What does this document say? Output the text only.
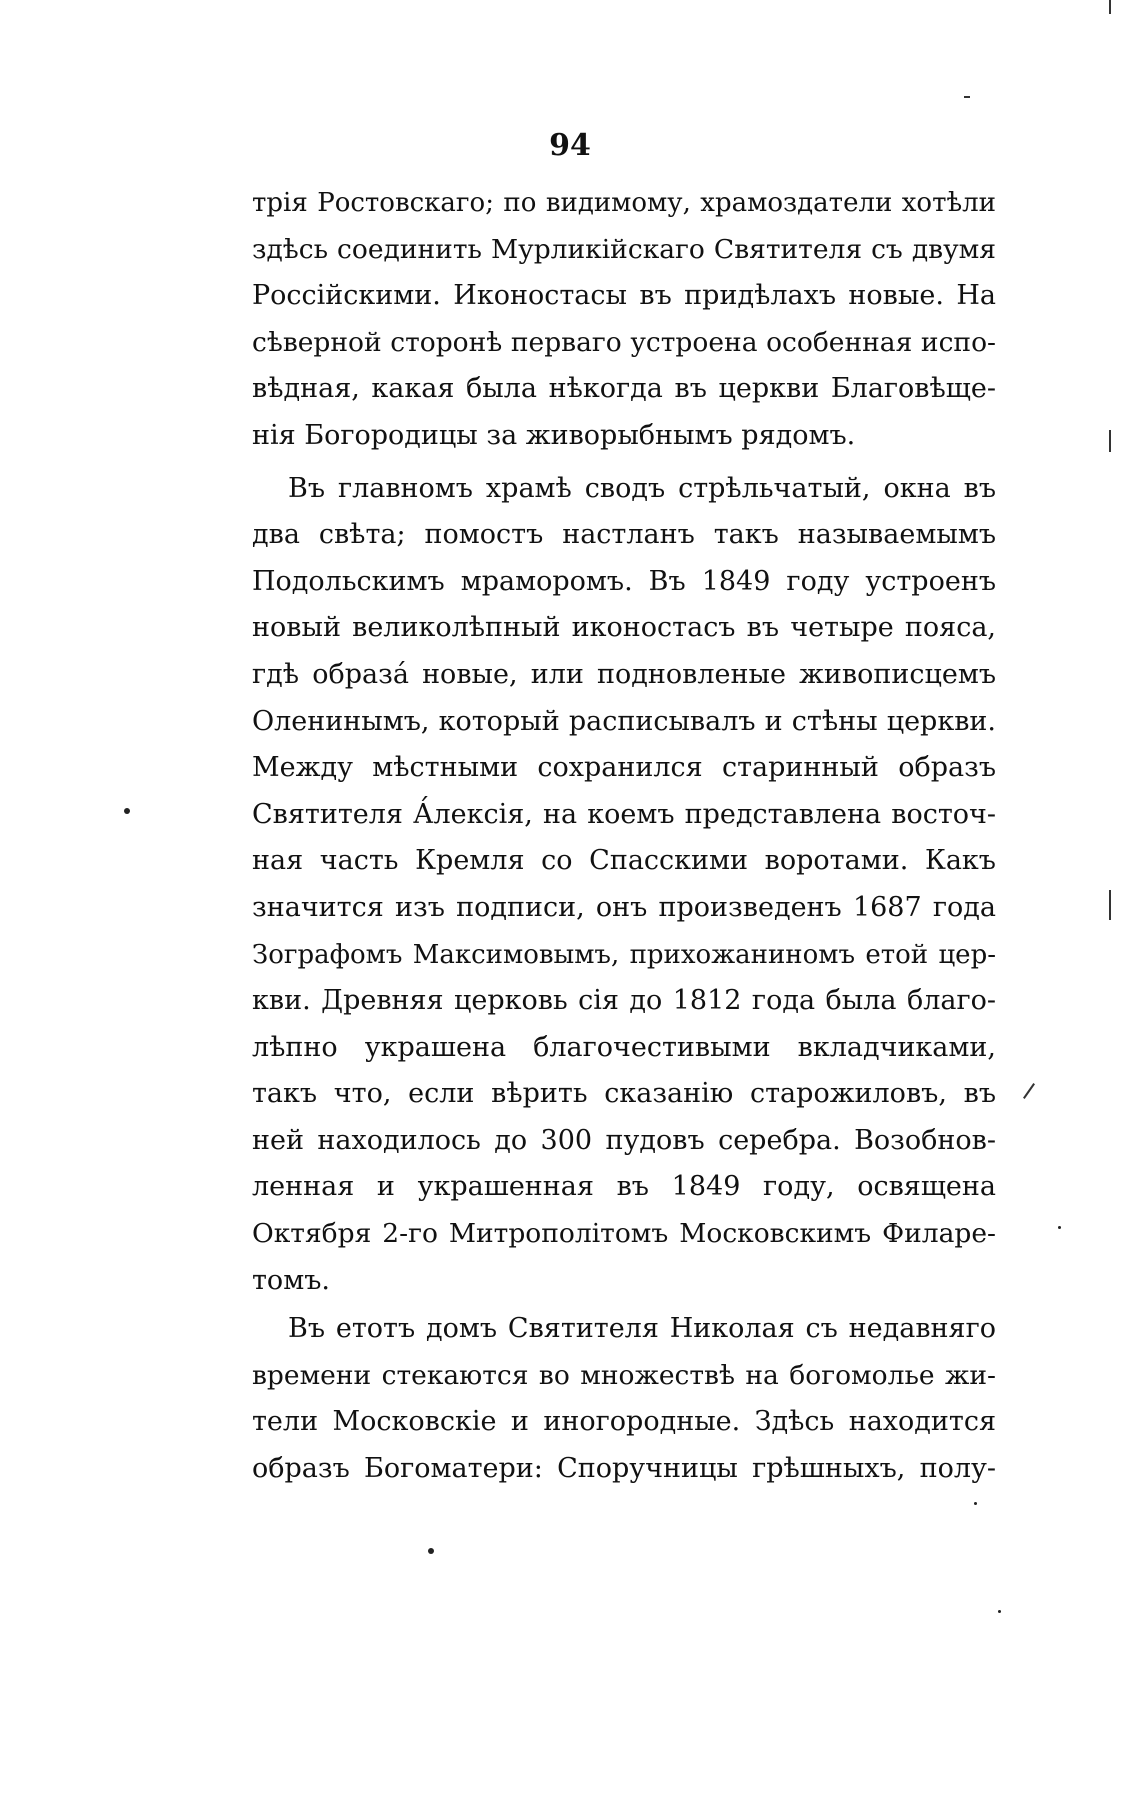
94
трія Ростовскаго; по видимому, храмоздатели хотѣли
здѣсь соединить Мурликійскаго Святителя съ двумя
Россійскими. Иконостасы въ придѣлахъ новые. На
сѣверной сторонѣ перваго устроена особенная испо-
вѣдная, какая была нѣкогда въ церкви Благовѣще-
нія Богородицы за живорыбнымъ рядомъ.
Въ главномъ храмѣ сводъ стрѣльчатый, окна въ
два свѣта; помостъ настланъ такъ называемымъ
Подольскимъ мраморомъ. Въ 1849 году устроенъ
новый великолѣпный иконостасъ въ четыре пояса,
гдѣ образа́ новые, или подновленые живописцемъ
Оленинымъ, который расписывалъ и стѣны церкви.
Между мѣстными сохранился старинный образъ
Святителя А́лексія, на коемъ представлена восточ-
ная часть Кремля со Спасскими воротами. Какъ
значится изъ подписи, онъ произведенъ 1687 года
Зографомъ Максимовымъ, прихожаниномъ етой цер-
кви. Древняя церковь сія до 1812 года была благо-
лѣпно украшена благочестивыми вкладчиками,
такъ что, если вѣрить сказанію старожиловъ, въ
ней находилось до 300 пудовъ серебра. Возобнов-
ленная и украшенная въ 1849 году, освящена
Октября 2-го Митрополітомъ Московскимъ Филаре-
томъ.
Въ етотъ домъ Святителя Николая съ недавняго
времени стекаются во множествѣ на богомолье жи-
тели Московскіе и иногородные. Здѣсь находится
образъ Богоматери: Споручницы грѣшныхъ, полу-
